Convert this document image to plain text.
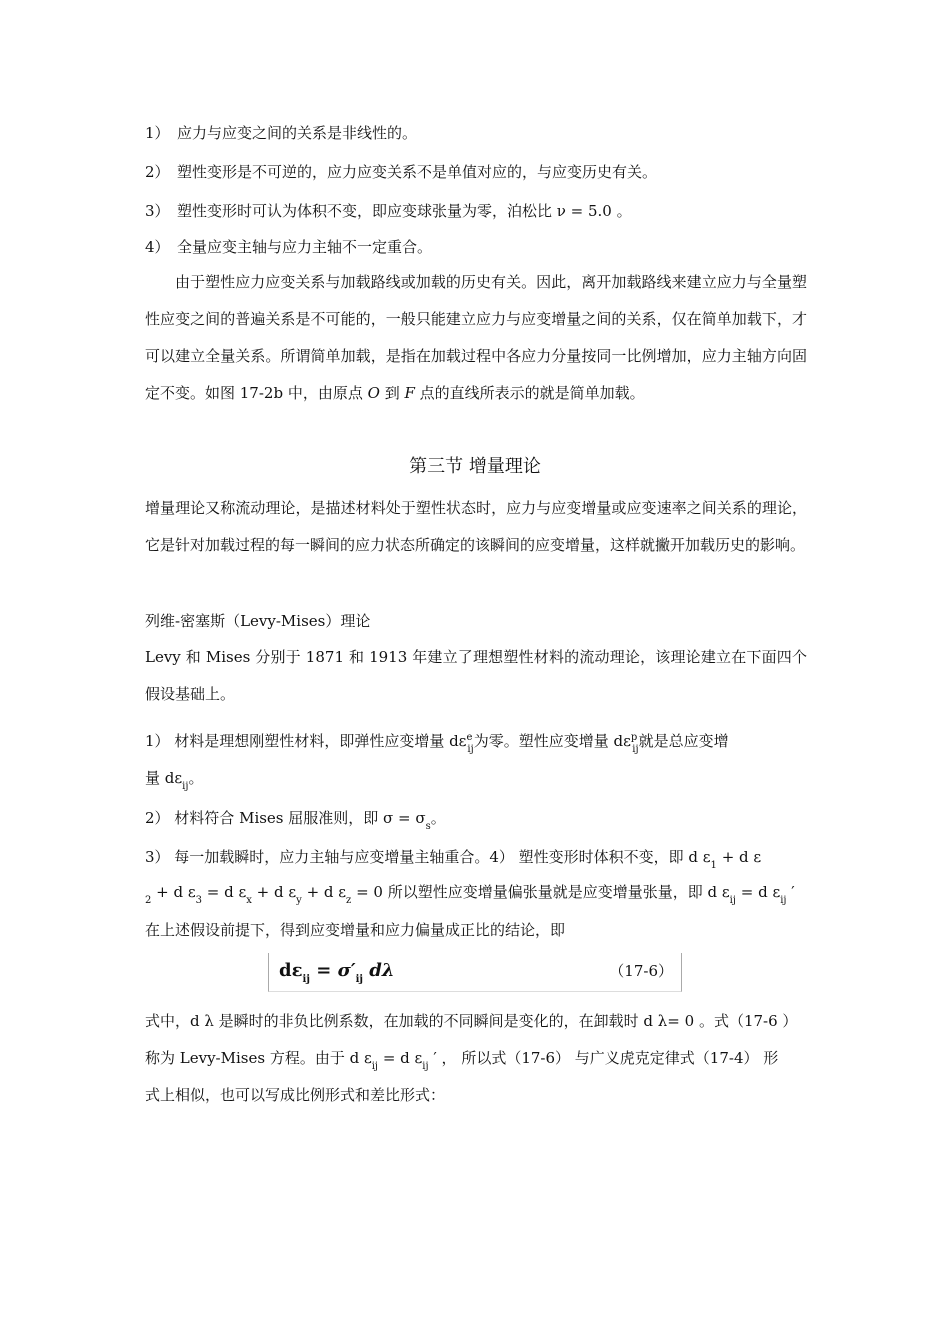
1） 应力与应变之间的关系是非线性的。
2） 塑性变形是不可逆的，应力应变关系不是单值对应的，与应变历史有关。
3） 塑性变形时可认为体积不变，即应变球张量为零，泊松比 ν = 5.0 。
4） 全量应变主轴与应力主轴不一定重合。
由于塑性应力应变关系与加载路线或加载的历史有关。因此，离开加载路线来建立应力与全量塑性应变之间的普遍关系是不可能的，一般只能建立应力与应变增量之间的关系，仅在简单加载下，才可以建立全量关系。所谓简单加载，是指在加载过程中各应力分量按同一比例增加，应力主轴方向固定不变。如图 17-2b 中，由原点 O 到 F 点的直线所表示的就是简单加载。
第三节 增量理论
增量理论又称流动理论，是描述材料处于塑性状态时，应力与应变增量或应变速率之间关系的理论，它是针对加载过程的每一瞬间的应力状态所确定的该瞬间的应变增量，这样就撇开加载历史的影响。
列维-密塞斯（Levy-Mises）理论
Levy 和 Mises 分别于 1871 和 1913 年建立了理想塑性材料的流动理论，该理论建立在下面四个假设基础上。
1） 材料是理想刚塑性材料，即弹性应变增量 $d\varepsilon^e_{ij}$为零。塑性应变增量 $d\varepsilon^p_{ij}$就是总应变增
量 $d\varepsilon_{ij}$。
2） 材料符合 Mises 屈服准则，即 $\sigma = \sigma_s$。
3） 每一加载瞬时，应力主轴与应变增量主轴重合。4） 塑性变形时体积不变，即 d $\varepsilon_1 + d$ ε
$_2$ + d $\varepsilon_3 = d$ $\varepsilon_x + d$ $\varepsilon_y + d$ $\varepsilon_z = 0$ 所以塑性应变增量偏张量就是应变增量张量，即 d $\varepsilon_{ij} = d$ $\varepsilon_{ij}$ ′
在上述假设前提下，得到应变增量和应力偏量成正比的结论，即
$d\varepsilon_{ij} = \sigma'_{ij}$ dλ	（17-6）
式中，d λ 是瞬时的非负比例系数，在加载的不同瞬间是变化的，在卸载时 d λ= 0 。式（17-6 ）
称为 Levy-Mises 方程。由于 d $\varepsilon_{ij} = d$ $\varepsilon_{ij}$ ′ ， 所以式（17-6） 与广义虎克定律式（17-4） 形
式上相似，也可以写成比例形式和差比形式：
